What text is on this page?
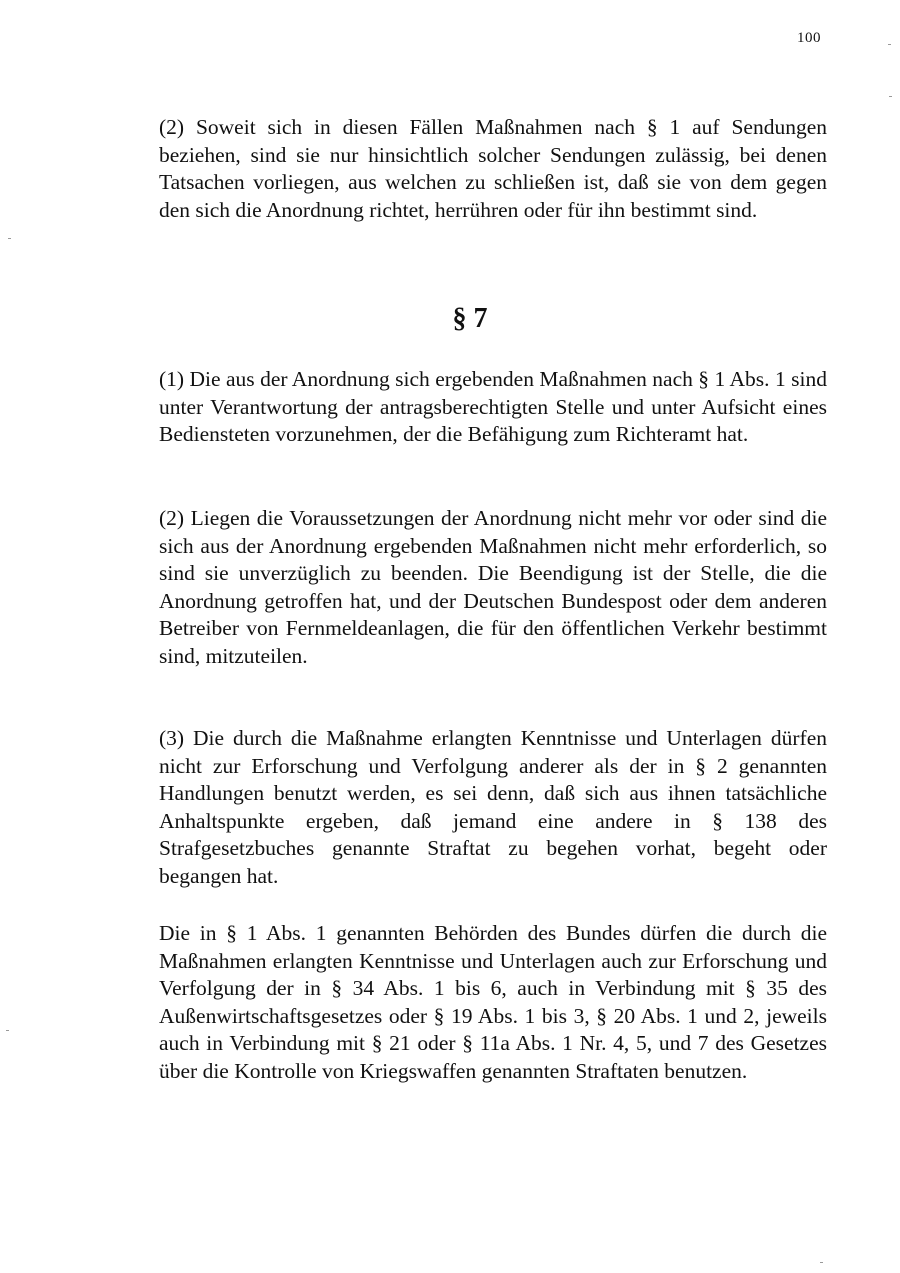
100

(2) Soweit sich in diesen Fällen Maßnahmen nach § 1 auf Sendungen beziehen, sind sie nur hinsichtlich solcher Sendungen zulässig, bei denen Tatsachen vorliegen, aus welchen zu schließen ist, daß sie von dem gegen den sich die Anordnung richtet, herrühren oder für ihn bestimmt sind.

§ 7

(1) Die aus der Anordnung sich ergebenden Maßnahmen nach § 1 Abs. 1 sind unter Verantwortung der antragsberechtigten Stelle und unter Aufsicht eines Bediensteten vorzunehmen, der die Befähigung zum Richteramt hat.

(2) Liegen die Voraussetzungen der Anordnung nicht mehr vor oder sind die sich aus der Anordnung ergebenden Maßnahmen nicht mehr erforderlich, so sind sie unverzüglich zu beenden. Die Beendigung ist der Stelle, die die Anordnung getroffen hat, und der Deutschen Bundespost oder dem anderen Betreiber von Fernmeldeanlagen, die für den öffentlichen Verkehr bestimmt sind, mitzuteilen.

(3) Die durch die Maßnahme erlangten Kenntnisse und Unterlagen dürfen nicht zur Erforschung und Verfolgung anderer als der in § 2 genannten Handlungen benutzt werden, es sei denn, daß sich aus ihnen tatsächliche Anhaltspunkte ergeben, daß jemand eine andere in § 138 des Strafgesetzbuches genannte Straftat zu begehen vorhat, begeht oder begangen hat.

Die in § 1 Abs. 1 genannten Behörden des Bundes dürfen die durch die Maßnahmen erlangten Kenntnisse und Unterlagen auch zur Erforschung und Verfolgung der in § 34 Abs. 1 bis 6, auch in Verbindung mit § 35 des Außenwirtschaftsgesetzes oder § 19 Abs. 1 bis 3, § 20 Abs. 1 und 2, jeweils auch in Verbindung mit § 21 oder § 11a Abs. 1 Nr. 4, 5, und 7 des Gesetzes über die Kontrolle von Kriegswaffen genannten Straftaten benutzen.
